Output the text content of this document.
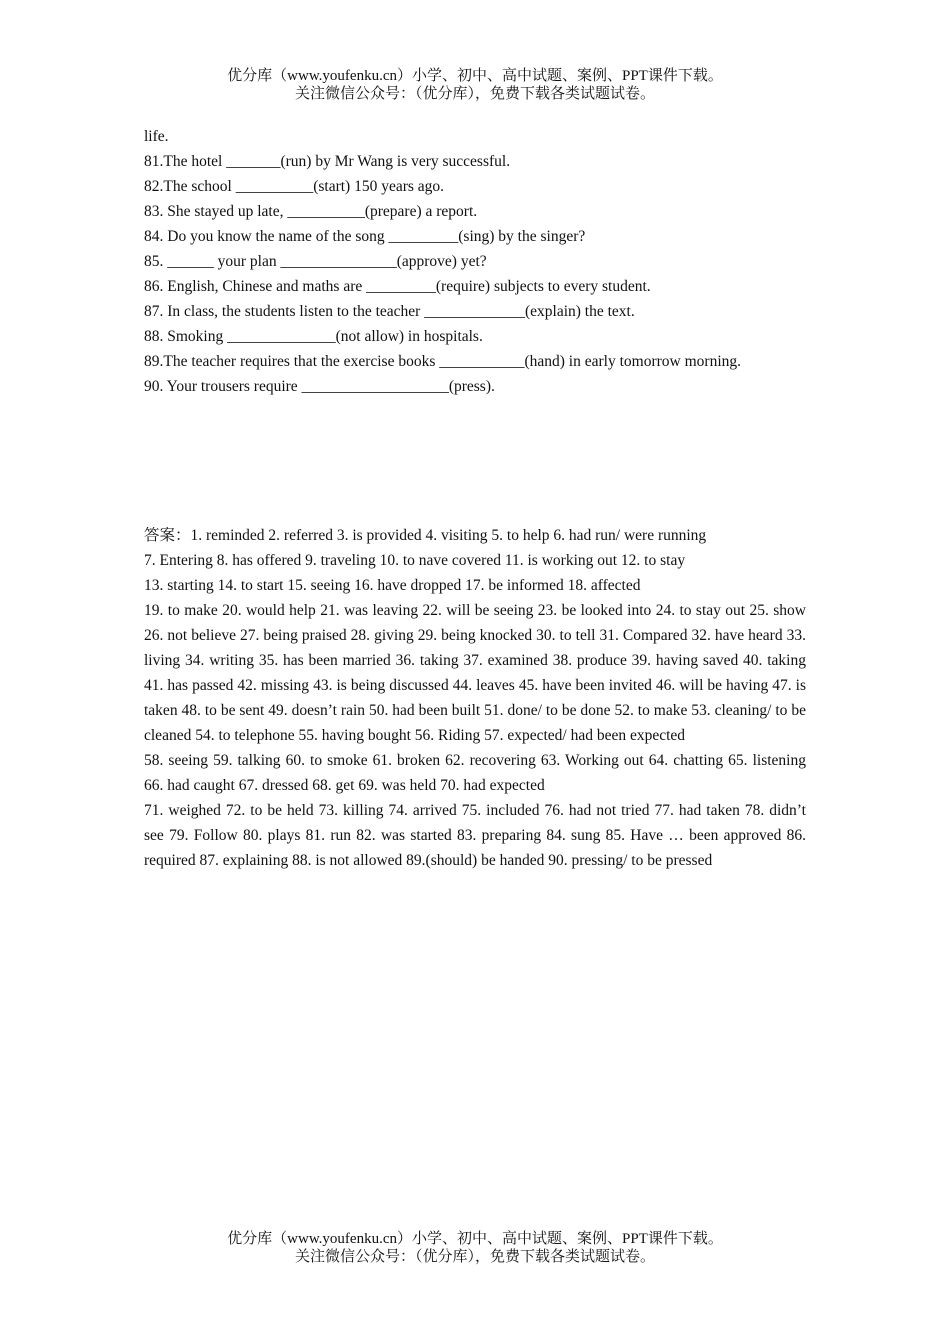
优分库（www.youfenku.cn）小学、初中、高中试题、案例、PPT课件下载。
关注微信公众号：（优分库），免费下载各类试题试卷。
life.
81.The hotel _______(run) by Mr Wang is very successful.
82.The school __________(start) 150 years ago.
83. She stayed up late, __________(prepare) a report.
84. Do you know the name of the song _________(sing) by the singer?
85. ______ your plan _______________(approve) yet?
86. English, Chinese and maths are _________(require) subjects to every student.
87. In class, the students listen to the teacher _____________(explain) the text.
88. Smoking ______________(not allow) in hospitals.
89.The teacher requires that the exercise books ___________(hand) in early tomorrow morning.
90. Your trousers require ___________________(press).

答案：1. reminded 2. referred 3. is provided 4. visiting 5. to help 6. had run/ were running

7. Entering 8. has offered 9. traveling 10. to nave covered 11. is working out 12. to stay

13. starting 14. to start 15. seeing 16. have dropped 17. be informed 18. affected

19. to make 20. would help 21. was leaving 22. will be seeing 23. be looked into 24. to stay out 25. show 26. not believe 27. being praised 28. giving 29. being knocked 30. to tell 31. Compared 32. have heard 33. living 34. writing 35. has been married 36. taking 37. examined 38. produce 39. having saved 40. taking 41. has passed 42. missing 43. is being discussed 44. leaves 45. have been invited 46. will be having 47. is taken 48. to be sent 49. doesn’t rain 50. had been built 51. done/ to be done 52. to make 53. cleaning/ to be cleaned 54. to telephone 55. having bought 56. Riding 57. expected/ had been expected

58. seeing 59. talking 60. to smoke 61. broken 62. recovering 63. Working out 64. chatting 65. listening 66. had caught 67. dressed 68. get 69. was held 70. had expected

71. weighed 72. to be held 73. killing 74. arrived 75. included 76. had not tried 77. had taken 78. didn’t see 79. Follow 80. plays 81. run 82. was started 83. preparing 84. sung 85. Have … been approved 86. required 87. explaining 88. is not allowed 89.(should) be handed 90. pressing/ to be pressed

优分库（www.youfenku.cn）小学、初中、高中试题、案例、PPT课件下载。
关注微信公众号：（优分库），免费下载各类试题试卷。
